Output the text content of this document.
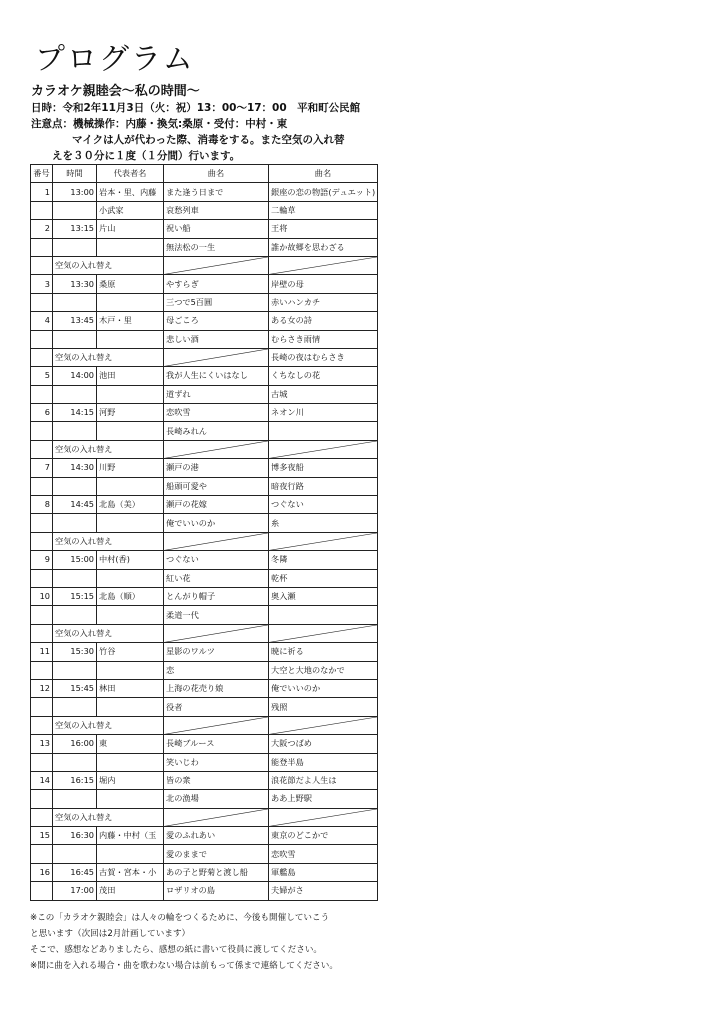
プログラム
カラオケ親睦会～私の時間～
日時：令和2年11月3日（火：祝）13：00～17：00　平和町公民館
注意点：機械操作：内藤・換気:桑原・受付：中村・東
マイクは人が代わった際、消毒をする。また空気の入れ替
えを３０分に１度（１分間）行います。
番号	時間	代表者名	曲名	曲名
1	13:00	岩本・里、内藤	また逢う日まで	銀座の恋の物語(デュエット)
		小武家	哀愁列車	二輪草
2	13:15	片山	祝い船	王将
			無法松の一生	誰か故郷を思わざる
	空気の入れ替え	

3	13:30	桑原	やすらぎ	岸壁の母
			三つで5百圓	赤いハンカチ
4	13:45	木戸・里	母ごころ	ある女の詩
			悲しい酒	むらさき雨情
	空気の入れ替え			長崎の夜はむらさき
5	14:00	池田	我が人生にくいはなし	くちなしの花
			道ずれ	古城
6	14:15	河野	恋吹雪	ネオン川
			長崎みれん	
	空気の入れ替え	

7	14:30	川野	瀬戸の港	博多夜船
			船頭可愛や	暗夜行路
8	14:45	北島（美）	瀬戸の花嫁	つぐない
			俺でいいのか	糸
	空気の入れ替え	

9	15:00	中村(香)	つぐない	冬隣
			紅い花	乾杯
10	15:15	北島（順）	とんがり帽子	奥入瀬
			柔道一代	
	空気の入れ替え	

11	15:30	竹谷	星影のワルツ	暁に祈る
			恋	大空と大地のなかで
12	15:45	林田	上海の花売り娘	俺でいいのか
			役者	残照
	空気の入れ替え	

13	16:00	東	長崎ブルース	大阪つばめ
			笑いじわ	能登半島
14	16:15	堀内	皆の衆	浪花節だよ人生は
			北の漁場	ああ上野駅
	空気の入れ替え	

15	16:30	内藤・中村（玉	愛のふれあい	東京のどこかで
			愛のままで	恋吹雪
16	16:45	古賀・宮本・小	あの子と野菊と渡し船	軍艦島
	17:00	茂田	ロザリオの島	夫婦がさ
※この「カラオケ親睦会」は人々の輪をつくるために、今後も開催していこう
と思います（次回は2月計画しています）
そこで、感想などありましたら、感想の紙に書いて役員に渡してください。
※間に曲を入れる場合・曲を歌わない場合は前もって係まで連絡してください。
